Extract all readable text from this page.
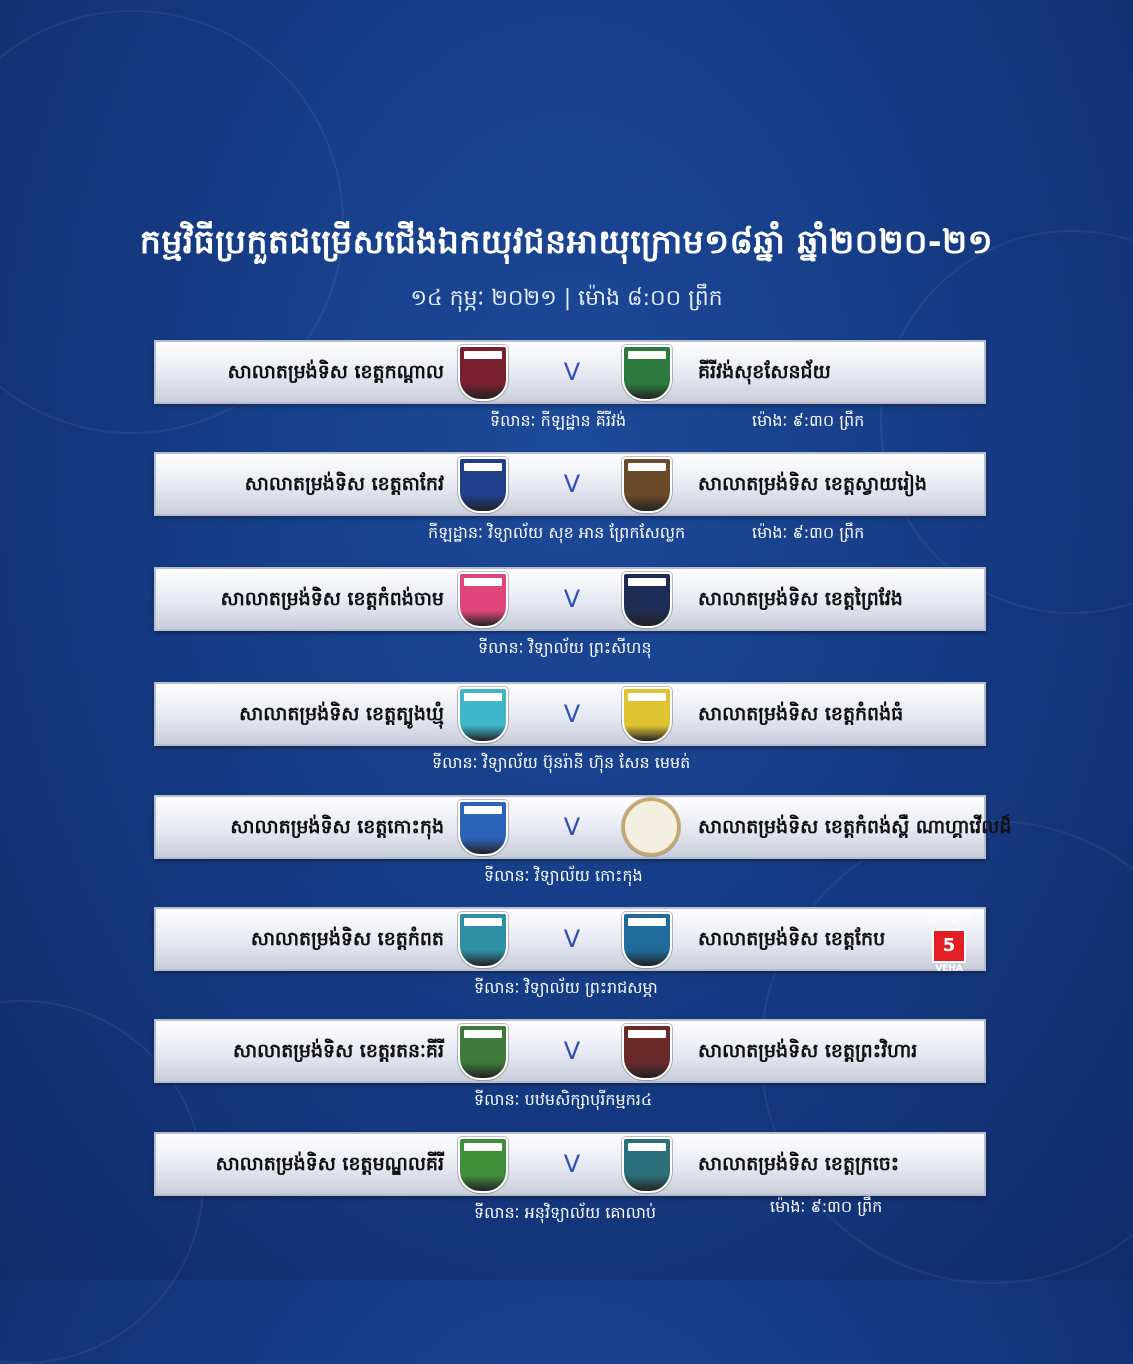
កម្មវិធីប្រកួតជម្រើសជើងឯកយុវជនអាយុក្រោម១៨ឆ្នាំ ឆ្នាំ២០២០-២១
១៤ កុម្ភៈ ២០២១ | ម៉ោង ៨:០០ ព្រឹក
សាលាតម្រង់ទិស ខេត្តកណ្ដាល	V	គីរីវង់សុខសែនជ័យ
ទីលានៈ កីឡដ្ឋាន គីរីវង់	ម៉ោងៈ ៩:៣០ ព្រឹក
សាលាតម្រង់ទិស ខេត្តតាកែវ	V	សាលាតម្រង់ទិស ខេត្តស្វាយរៀង
កីឡដ្ឋានៈ វិទ្យាល័យ សុខ អាន ព្រែកសែល្លក	ម៉ោងៈ ៩:៣០ ព្រឹក
សាលាតម្រង់ទិស ខេត្តកំពង់ចាម	V	សាលាតម្រង់ទិស ខេត្តព្រៃវែង
ទីលានៈ វិទ្យាល័យ ព្រះសីហនុ
សាលាតម្រង់ទិស ខេត្តត្បូងឃ្មុំ	V	សាលាតម្រង់ទិស ខេត្តកំពង់ធំ
ទីលានៈ វិទ្យាល័យ ប៊ុនរ៉ានី ហ៊ុន សែន មេមត់
សាលាតម្រង់ទិស ខេត្តកោះកុង	V	សាលាតម្រង់ទិស ខេត្តកំពង់ស្ពឺ ណាហ្គាវើលដ៏
ទីលានៈ វិទ្យាល័យ កោះកុង
សាលាតម្រង់ទិស ខេត្តកំពត	V	សាលាតម្រង់ទិស ខេត្តកែប
ទីលានៈ វិទ្យាល័យ ព្រះរាជសម្ភា
សាលាតម្រង់ទិស ខេត្តរតនៈគីរី	V	សាលាតម្រង់ទិស ខេត្តព្រះវិហារ
ទីលានៈ បឋមសិក្សាបុរីកម្មករ៤
សាលាតម្រង់ទិស ខេត្តមណ្ឌលគីរី	V	សាលាតម្រង់ទិស ខេត្តក្រចេះ
ទីលានៈ អនុវិទ្យាល័យ គោលាប់	ម៉ោងៈ ៩:៣០ ព្រឹក
ផ្សាយផ្ទាល់
5
VEHA
